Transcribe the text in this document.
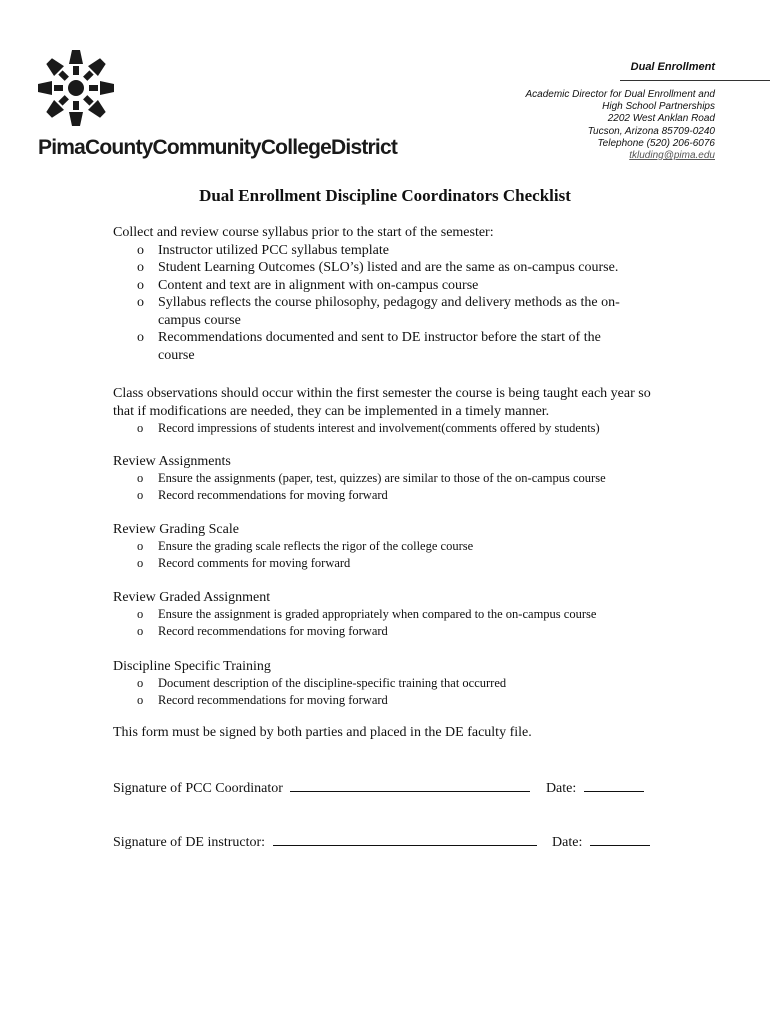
PimaCountyCommunityCollegeDistrict
Dual Enrollment
Academic Director for Dual Enrollment and
High School Partnerships
2202 West Anklan Road
Tucson, Arizona 85709-0240
Telephone (520) 206-6076
tkluding@pima.edu
Dual Enrollment Discipline Coordinators Checklist
Collect and review course syllabus prior to the start of the semester:
o Instructor utilized PCC syllabus template
o Student Learning Outcomes (SLO’s) listed and are the same as on-campus course.
o Content and text are in alignment with on-campus course
o Syllabus reflects the course philosophy, pedagogy and delivery methods as the on-campus course
o Recommendations documented and sent to DE instructor before the start of the course
Class observations should occur within the first semester the course is being taught each year so that if modifications are needed, they can be implemented in a timely manner.
o Record impressions of students interest and involvement(comments offered by students)
Review Assignments
o Ensure the assignments (paper, test, quizzes) are similar to those of the on-campus course
o Record recommendations for moving forward
Review Grading Scale
o Ensure the grading scale reflects the rigor of the college course
o Record comments for moving forward
Review Graded Assignment
o Ensure the assignment is graded appropriately when compared to the on-campus course
o Record recommendations for moving forward
Discipline Specific Training
o Document description of the discipline-specific training that occurred
o Record recommendations for moving forward
This form must be signed by both parties and placed in the DE faculty file.
Signature of PCC Coordinator	Date:
Signature of DE instructor:	Date:
